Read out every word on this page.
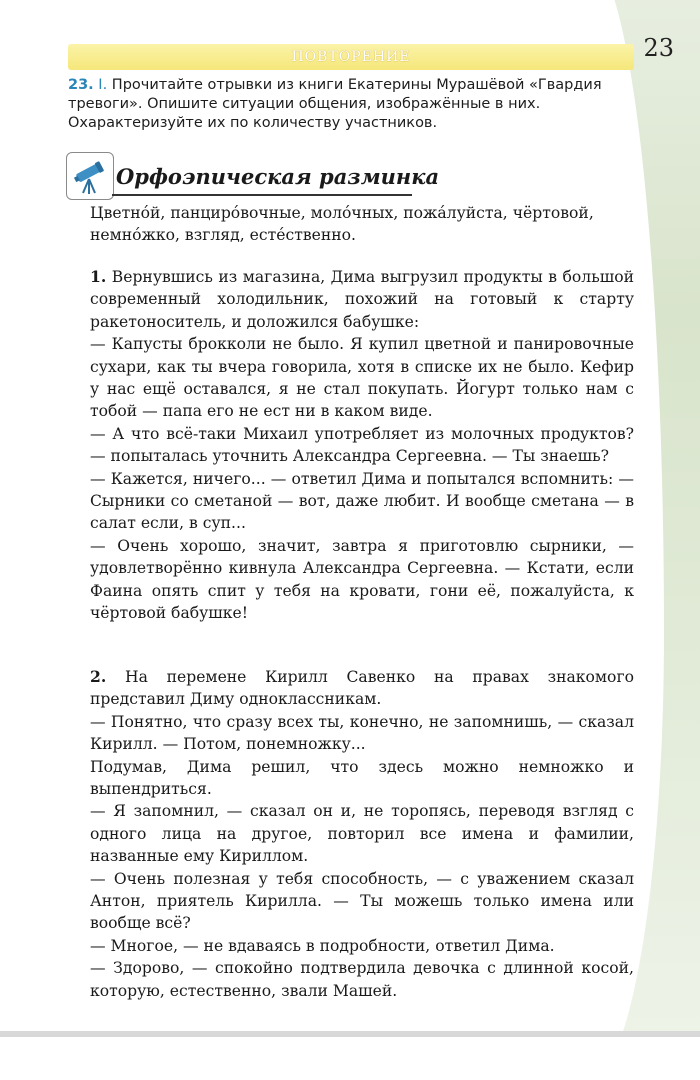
23
ПОВТОРЕНИЕ
23. I. Прочитайте отрывки из книги Екатерины Мурашёвой «Гвардия тревоги». Опишите ситуации общения, изображённые в них. Охарактеризуйте их по количеству участников.
Орфоэпическая разминка
Цветно́й, панциро́вочные, моло́чных, пожа́луйста, чёртовой,
немно́жко, взгляд, есте́ственно.

1. Вернувшись из магазина, Дима выгрузил продукты в большой современный холодильник, похожий на готовый к старту ракетоноситель, и доложился бабушке:

— Капусты брокколи не было. Я купил цветной и панировочные сухари, как ты вчера говорила, хотя в списке их не было. Кефир у нас ещё оставался, я не стал покупать. Йогурт только нам с тобой — папа его не ест ни в каком виде.

— А что всё-таки Михаил употребляет из молочных продуктов? — попыталась уточнить Александра Сергеевна. — Ты знаешь?

— Кажется, ничего... — ответил Дима и попытался вспомнить: — Сырники со сметаной — вот, даже любит. И вообще сметана — в салат если, в суп...

— Очень хорошо, значит, завтра я приготовлю сырники, — удовлетворённо кивнула Александра Сергеевна. — Кстати, если Фаина опять спит у тебя на кровати, гони её, пожалуйста, к чёртовой бабушке!

2. На перемене Кирилл Савенко на правах знакомого представил Диму одноклассникам.

— Понятно, что сразу всех ты, конечно, не запомнишь, — сказал Кирилл. — Потом, понемножку...

Подумав, Дима решил, что здесь можно немножко и выпендриться.

— Я запомнил, — сказал он и, не торопясь, переводя взгляд с одного лица на другое, повторил все имена и фамилии, названные ему Кириллом.

— Очень полезная у тебя способность, — с уважением сказал Антон, приятель Кирилла. — Ты можешь только имена или вообще всё?

— Многое, — не вдаваясь в подробности, ответил Дима.

— Здорово, — спокойно подтвердила девочка с длинной косой, которую, естественно, звали Машей.
